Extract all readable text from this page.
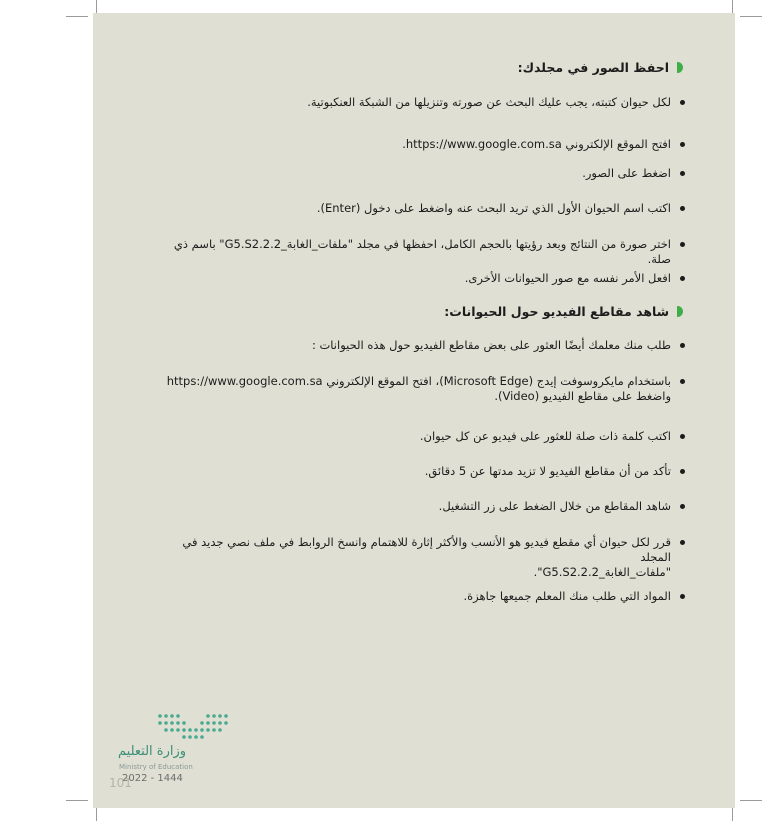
احفظ الصور في مجلدك:
لكل حيوان كتبته، يجب عليك البحث عن صورته وتنزيلها من الشبكة العنكبوتية.
افتح الموقع الإلكتروني https://www.google.com.sa.
اضغط على الصور.
اكتب اسم الحيوان الأول الذي تريد البحث عنه واضغط على دخول (Enter).
اختر صورة من النتائج وبعد رؤيتها بالحجم الكامل، احفظها في مجلد "ملفات_الغابة_G5.S2.2.2" باسم ذي صلة.
افعل الأمر نفسه مع صور الحيوانات الأخرى.
شاهد مقاطع الفيديو حول الحيوانات:
طلب منك معلمك أيضًا العثور على بعض مقاطع الفيديو حول هذه الحيوانات :
باستخدام مايكروسوفت إيدج (Microsoft Edge)، افتح الموقع الإلكتروني https://www.google.com.sa
واضغط على مقاطع الفيديو (Video).
اكتب كلمة ذات صلة للعثور على فيديو عن كل حيوان.
تأكد من أن مقاطع الفيديو لا تزيد مدتها عن 5 دقائق.
شاهد المقاطع من خلال الضغط على زر التشغيل.
قرر لكل حيوان أي مقطع فيديو هو الأنسب والأكثر إثارة للاهتمام وانسخ الروابط في ملف نصي جديد في المجلد
"ملفات_الغابة_G5.S2.2.2".
المواد التي طلب منك المعلم جميعها جاهزة.
وزارة التعليم
Ministry of Education
2022 - 1444
101
